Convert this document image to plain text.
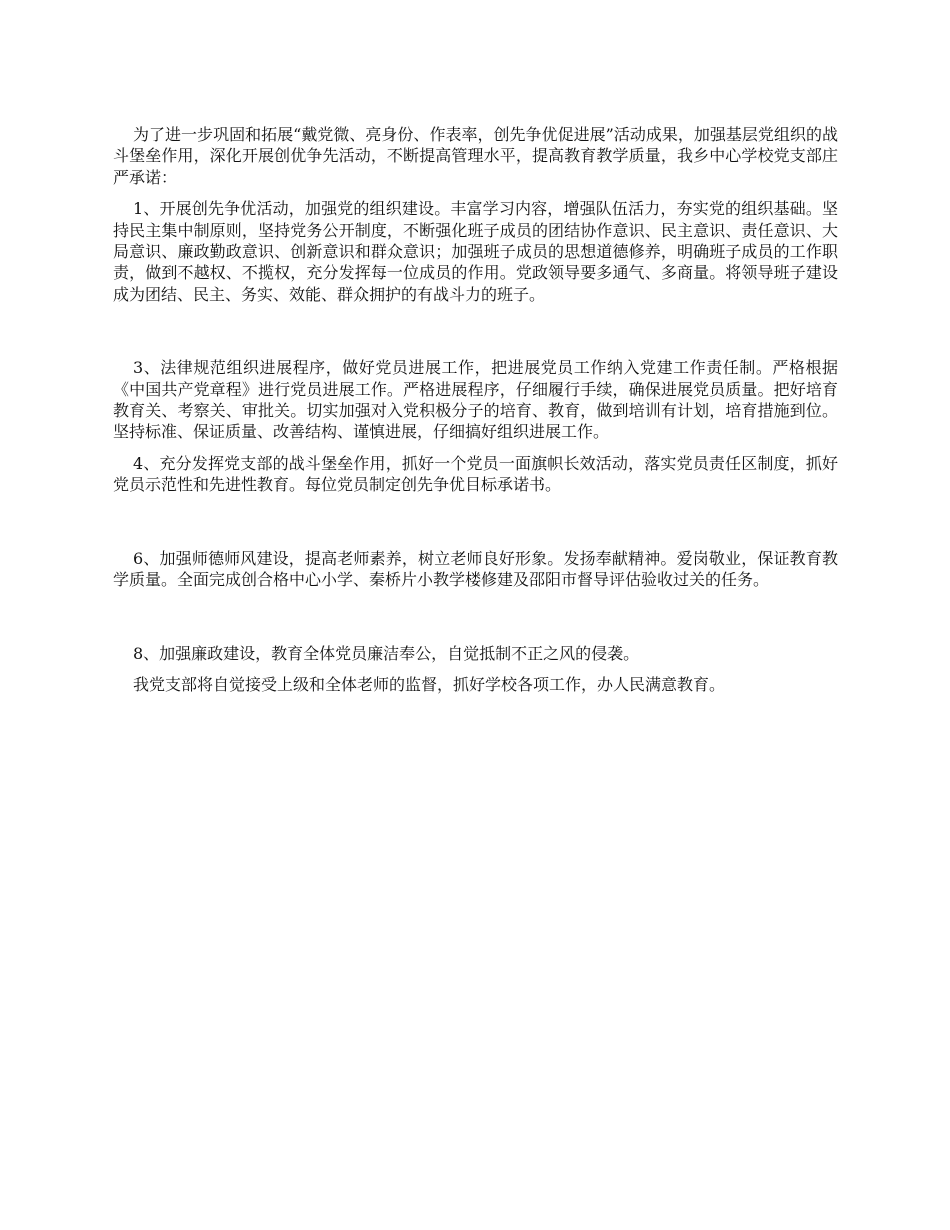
为了进一步巩固和拓展“戴党微、亮身份、作表率，创先争优促进展”活动成果，加强基层党组织的战斗堡垒作用，深化开展创优争先活动，不断提高管理水平，提高教育教学质量，我乡中心学校党支部庄严承诺：

1、开展创先争优活动，加强党的组织建设。丰富学习内容，增强队伍活力，夯实党的组织基础。坚持民主集中制原则，坚持党务公开制度，不断强化班子成员的团结协作意识、民主意识、责任意识、大局意识、廉政勤政意识、创新意识和群众意识；加强班子成员的思想道德修养，明确班子成员的工作职责，做到不越权、不揽权，充分发挥每一位成员的作用。党政领导要多通气、多商量。将领导班子建设成为团结、民主、务实、效能、群众拥护的有战斗力的班子。

3、法律规范组织进展程序，做好党员进展工作，把进展党员工作纳入党建工作责任制。严格根据《中国共产党章程》进行党员进展工作。严格进展程序，仔细履行手续，确保进展党员质量。把好培育教育关、考察关、审批关。切实加强对入党积极分子的培育、教育，做到培训有计划，培育措施到位。坚持标准、保证质量、改善结构、谨慎进展，仔细搞好组织进展工作。

4、充分发挥党支部的战斗堡垒作用，抓好一个党员一面旗帜长效活动，落实党员责任区制度，抓好党员示范性和先进性教育。每位党员制定创先争优目标承诺书。

6、加强师德师风建设，提高老师素养，树立老师良好形象。发扬奉献精神。爱岗敬业，保证教育教学质量。全面完成创合格中心小学、秦桥片小教学楼修建及邵阳市督导评估验收过关的任务。

8、加强廉政建设，教育全体党员廉洁奉公，自觉抵制不正之风的侵袭。

我党支部将自觉接受上级和全体老师的监督，抓好学校各项工作，办人民满意教育。
